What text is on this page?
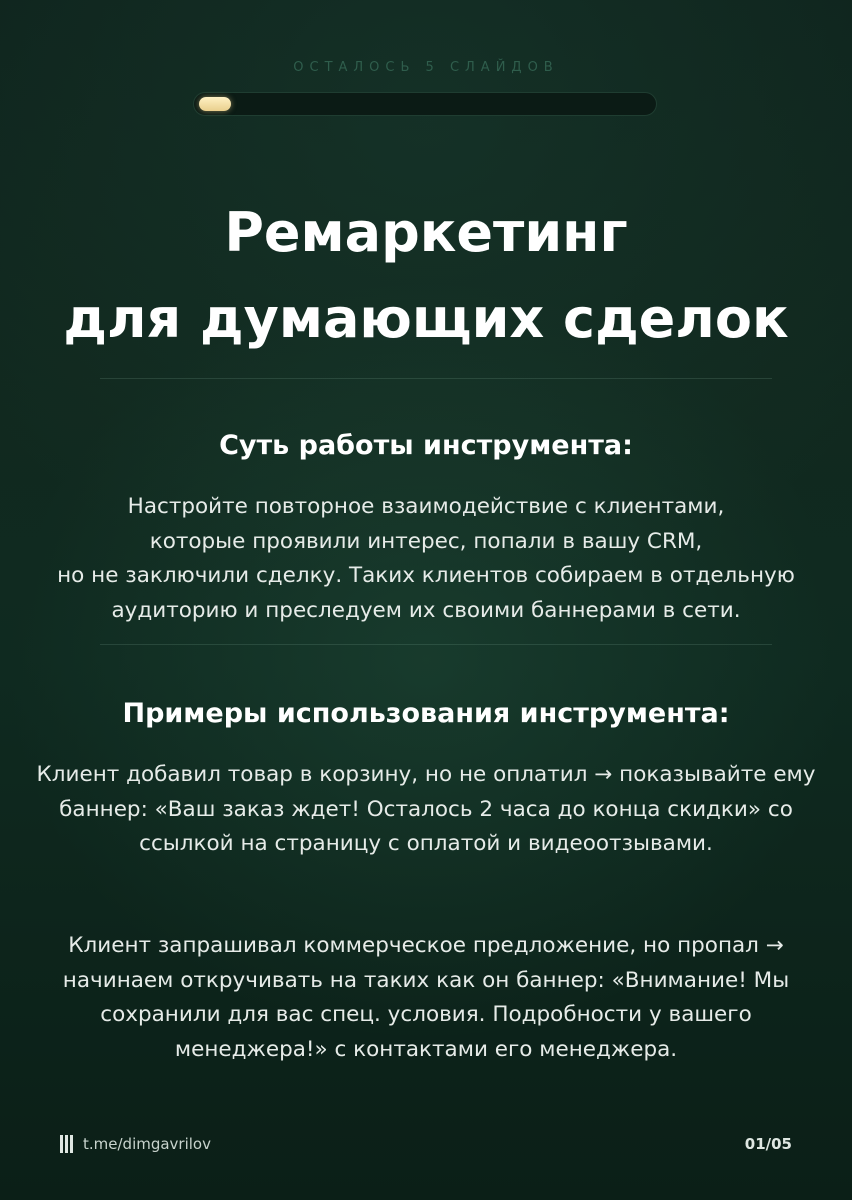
ОСТАЛОСЬ 5 СЛАЙДОВ
Ремаркетинг
для думающих сделок
Суть работы инструмента:
Настройте повторное взаимодействие с клиентами,
которые проявили интерес, попали в вашу CRM,
но не заключили сделку. Таких клиентов собираем в отдельную
аудиторию и преследуем их своими баннерами в сети.
Примеры использования инструмента:
Клиент добавил товар в корзину, но не оплатил → показывайте ему
баннер: «Ваш заказ ждет! Осталось 2 часа до конца скидки» со
ссылкой на страницу с оплатой и видеоотзывами.
Клиент запрашивал коммерческое предложение, но пропал →
начинаем откручивать на таких как он баннер: «Внимание! Мы
сохранили для вас спец. условия. Подробности у вашего
менеджера!» с контактами его менеджера.
t.me/dimgavrilov	01/05
